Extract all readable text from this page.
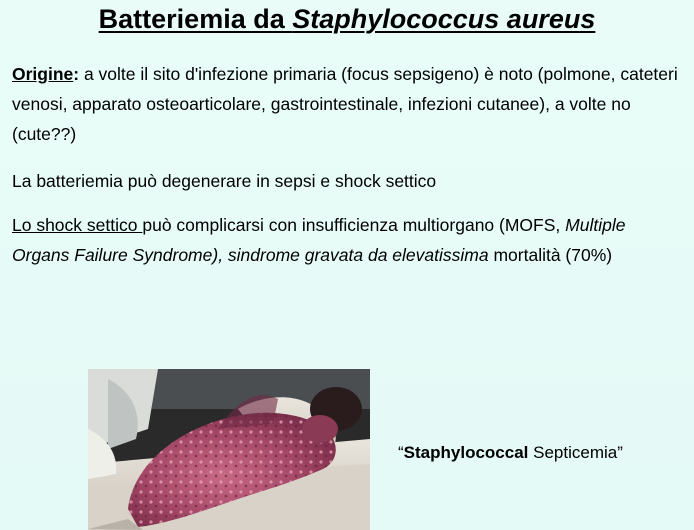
Batteriemia da Staphylococcus aureus

Origine: a volte il sito d'infezione primaria (focus sepsigeno) è noto (polmone, cateteri venosi, apparato osteoarticolare, gastrointestinale, infezioni cutanee), a volte no (cute??)

La batteriemia può degenerare in sepsi e shock settico

Lo shock settico può complicarsi con insufficienza multiorgano (MOFS, Multiple Organs Failure Syndrome), sindrome gravata da elevatissima mortalità (70%)

“Staphylococcal Septicemia”
